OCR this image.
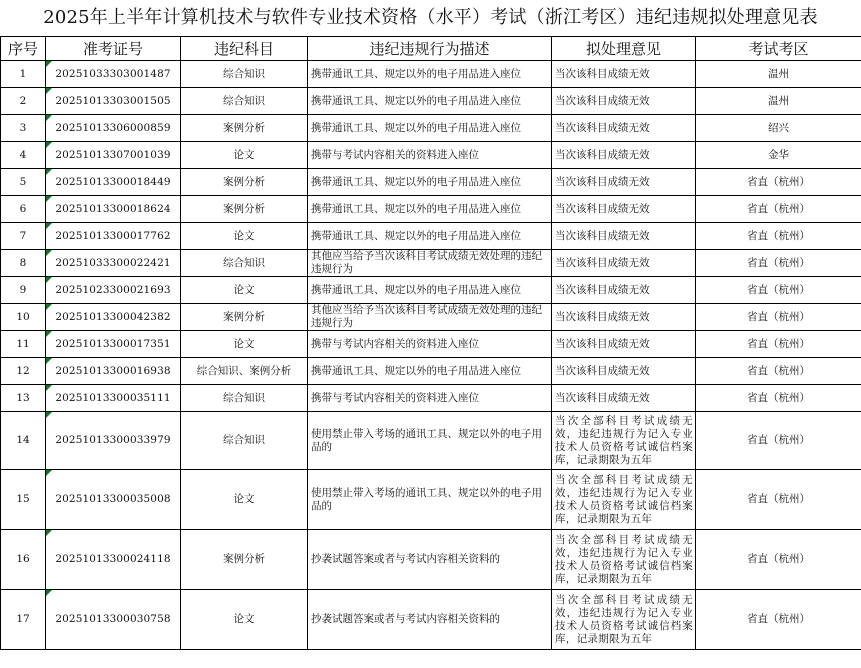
2025年上半年计算机技术与软件专业技术资格（水平）考试（浙江考区）违纪违规拟处理意见表
序号	准考证号	违纪科目	违纪违规行为描述	拟处理意见	考试考区
1	20251033303001487	综合知识	携带通讯工具、规定以外的电子用品进入座位	当次该科目成绩无效	温州
2	20251013303001505	综合知识	携带通讯工具、规定以外的电子用品进入座位	当次该科目成绩无效	温州
3	20251013306000859	案例分析	携带通讯工具、规定以外的电子用品进入座位	当次该科目成绩无效	绍兴
4	20251013307001039	论文	携带与考试内容相关的资料进入座位	当次该科目成绩无效	金华
5	20251013300018449	案例分析	携带通讯工具、规定以外的电子用品进入座位	当次该科目成绩无效	省直（杭州）
6	20251013300018624	案例分析	携带通讯工具、规定以外的电子用品进入座位	当次该科目成绩无效	省直（杭州）
7	20251013300017762	论文	携带通讯工具、规定以外的电子用品进入座位	当次该科目成绩无效	省直（杭州）
8	20251033300022421	综合知识	其他应当给予当次该科目考试成绩无效处理的违纪违规行为	当次该科目成绩无效	省直（杭州）
9	20251023300021693	论文	携带通讯工具、规定以外的电子用品进入座位	当次该科目成绩无效	省直（杭州）
10	20251013300042382	案例分析	其他应当给予当次该科目考试成绩无效处理的违纪违规行为	当次该科目成绩无效	省直（杭州）
11	20251013300017351	论文	携带与考试内容相关的资料进入座位	当次该科目成绩无效	省直（杭州）
12	20251013300016938	综合知识、案例分析	携带通讯工具、规定以外的电子用品进入座位	当次该科目成绩无效	省直（杭州）
13	20251013300035111	综合知识	携带与考试内容相关的资料进入座位	当次该科目成绩无效	省直（杭州）
14	20251013300033979	综合知识	使用禁止带入考场的通讯工具、规定以外的电子用品的	当次全部科目考试成绩无效，违纪违规行为记入专业技术人员资格考试诚信档案库，记录期限为五年	省直（杭州）
15	20251013300035008	论文	使用禁止带入考场的通讯工具、规定以外的电子用品的	当次全部科目考试成绩无效，违纪违规行为记入专业技术人员资格考试诚信档案库，记录期限为五年	省直（杭州）
16	20251013300024118	案例分析	抄袭试题答案或者与考试内容相关资料的	当次全部科目考试成绩无效，违纪违规行为记入专业技术人员资格考试诚信档案库，记录期限为五年	省直（杭州）
17	20251013300030758	论文	抄袭试题答案或者与考试内容相关资料的	当次全部科目考试成绩无效，违纪违规行为记入专业技术人员资格考试诚信档案库，记录期限为五年	省直（杭州）
